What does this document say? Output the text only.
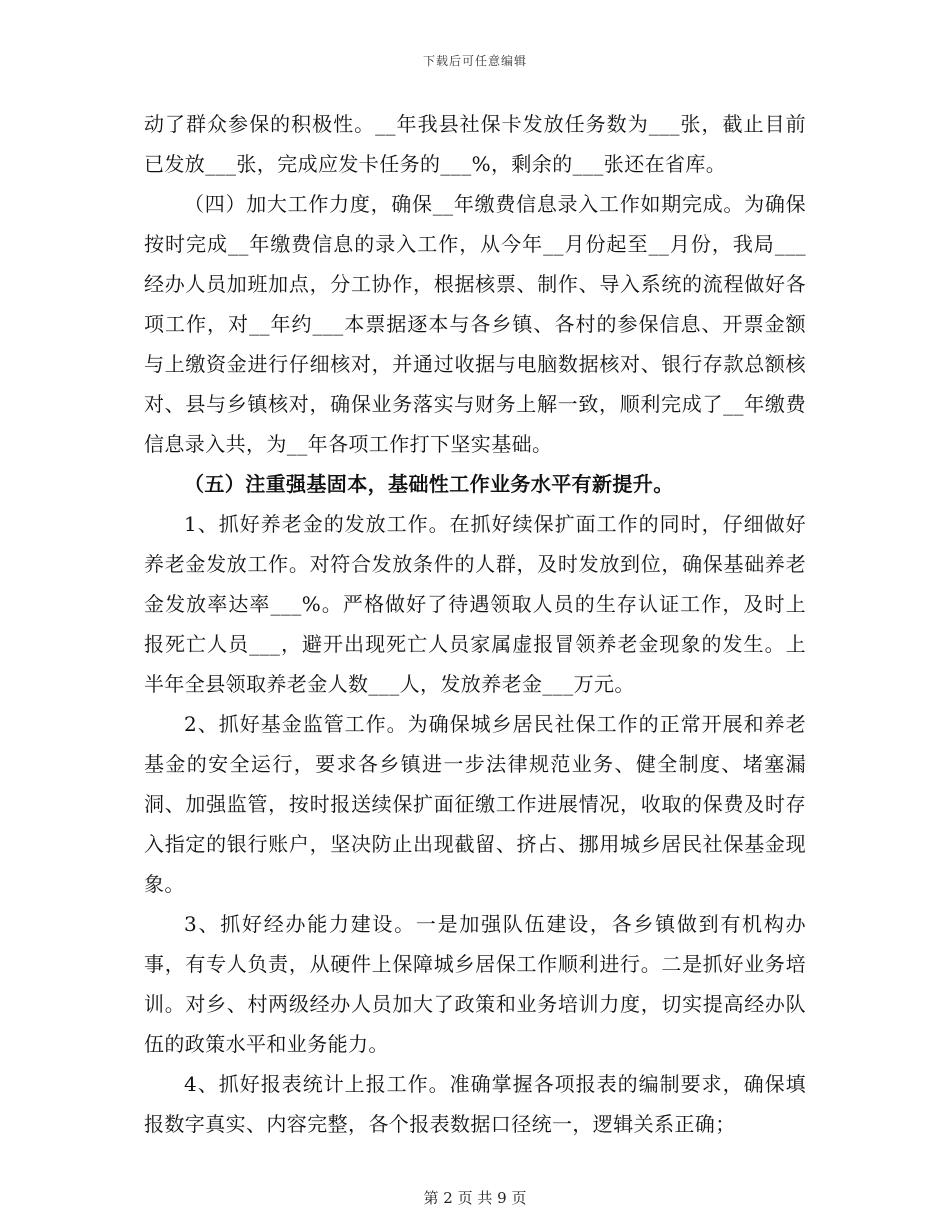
下载后可任意编辑

动了群众参保的积极性。__年我县社保卡发放任务数为___张，截止目前已发放___张，完成应发卡任务的___%，剩余的___张还在省库。

（四）加大工作力度，确保__年缴费信息录入工作如期完成。为确保按时完成__年缴费信息的录入工作，从今年__月份起至__月份，我局___经办人员加班加点，分工协作，根据核票、制作、导入系统的流程做好各项工作，对__年约___本票据逐本与各乡镇、各村的参保信息、开票金额与上缴资金进行仔细核对，并通过收据与电脑数据核对、银行存款总额核对、县与乡镇核对，确保业务落实与财务上解一致，顺利完成了__年缴费信息录入共，为__年各项工作打下坚实基础。

（五）注重强基固本，基础性工作业务水平有新提升。

1、抓好养老金的发放工作。在抓好续保扩面工作的同时，仔细做好养老金发放工作。对符合发放条件的人群，及时发放到位，确保基础养老金发放率达率___%。严格做好了待遇领取人员的生存认证工作，及时上报死亡人员___，避开出现死亡人员家属虚报冒领养老金现象的发生。上半年全县领取养老金人数___人，发放养老金___万元。

2、抓好基金监管工作。为确保城乡居民社保工作的正常开展和养老基金的安全运行，要求各乡镇进一步法律规范业务、健全制度、堵塞漏洞、加强监管，按时报送续保扩面征缴工作进展情况，收取的保费及时存入指定的银行账户，坚决防止出现截留、挤占、挪用城乡居民社保基金现象。

3、抓好经办能力建设。一是加强队伍建设，各乡镇做到有机构办事，有专人负责，从硬件上保障城乡居保工作顺利进行。二是抓好业务培训。对乡、村两级经办人员加大了政策和业务培训力度，切实提高经办队伍的政策水平和业务能力。

4、抓好报表统计上报工作。准确掌握各项报表的编制要求，确保填报数字真实、内容完整，各个报表数据口径统一，逻辑关系正确；

第 2 页 共 9 页
